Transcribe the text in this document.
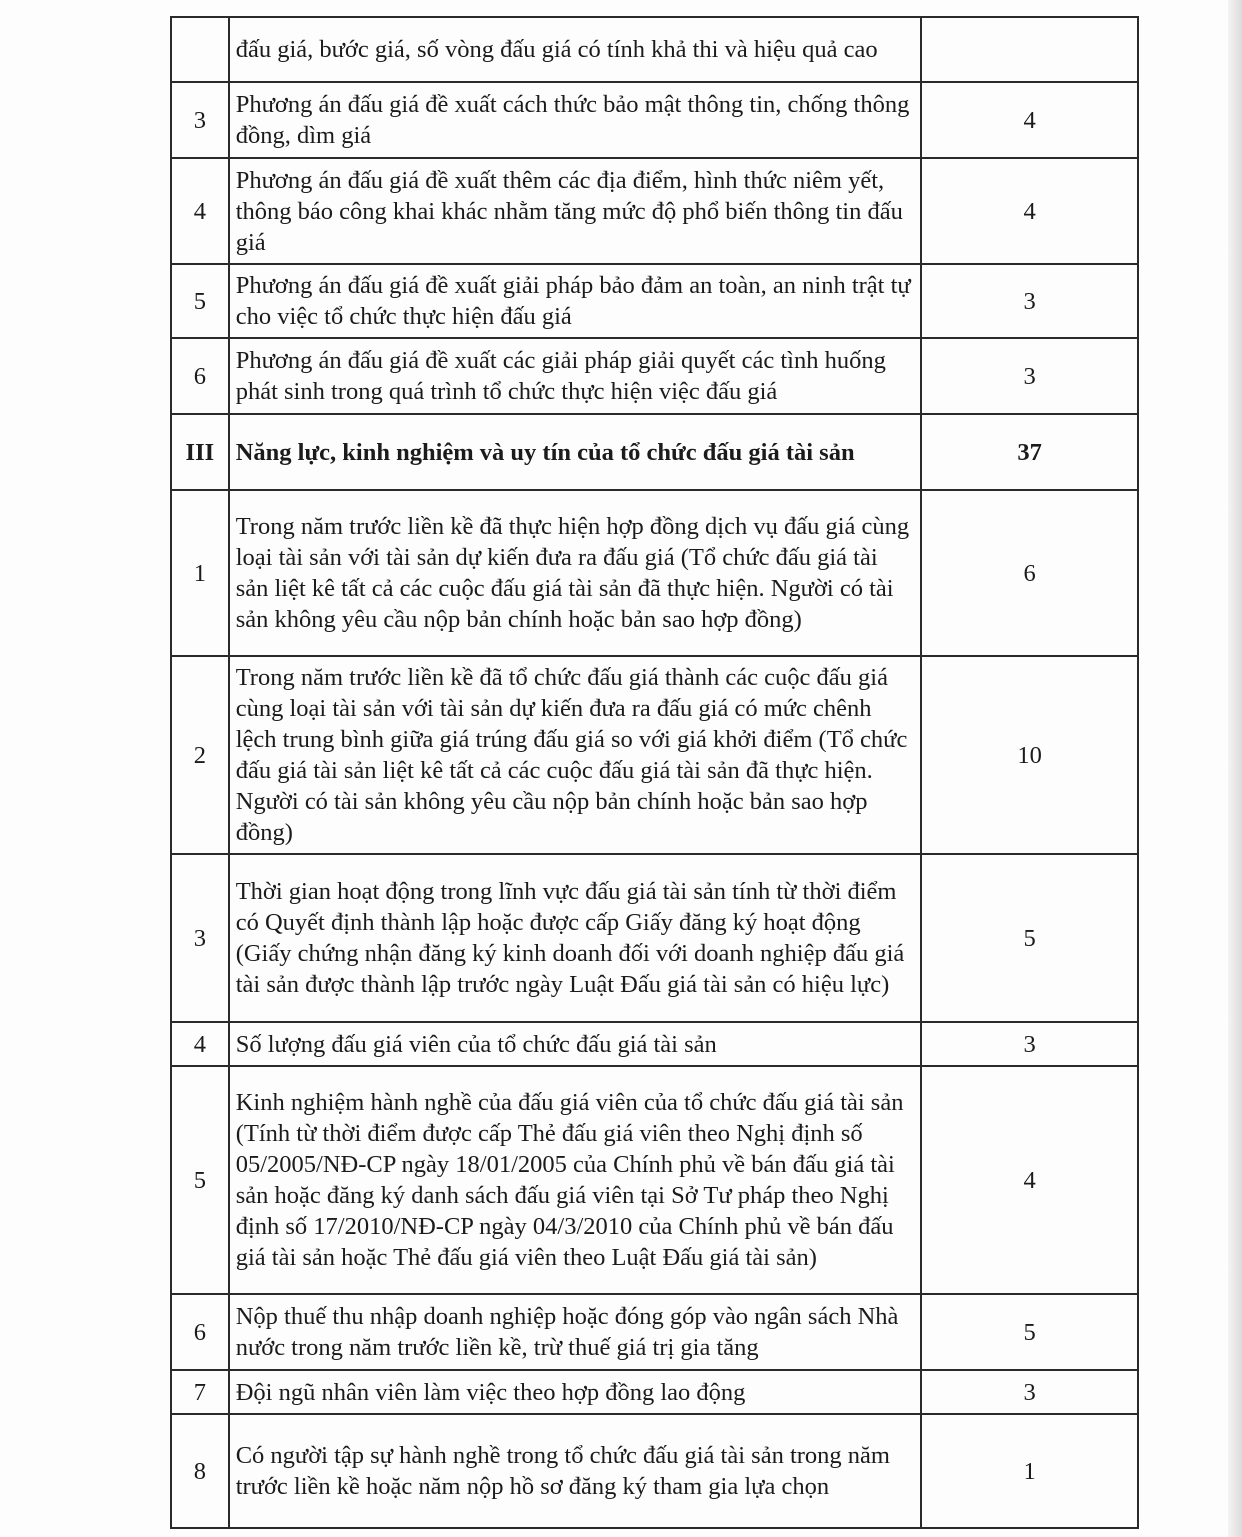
	đấu giá, bước giá, số vòng đấu giá có tính khả thi và hiệu quả cao	
3	Phương án đấu giá đề xuất cách thức bảo mật thông tin, chống thông đồng, dìm giá	4
4	Phương án đấu giá đề xuất thêm các địa điểm, hình thức niêm yết, thông báo công khai khác nhằm tăng mức độ phổ biến thông tin đấu giá	4
5	Phương án đấu giá đề xuất giải pháp bảo đảm an toàn, an ninh trật tự cho việc tổ chức thực hiện đấu giá	3
6	Phương án đấu giá đề xuất các giải pháp giải quyết các tình huống phát sinh trong quá trình tổ chức thực hiện việc đấu giá	3
III	Năng lực, kinh nghiệm và uy tín của tổ chức đấu giá tài sản	37
1	Trong năm trước liền kề đã thực hiện hợp đồng dịch vụ đấu giá cùng loại tài sản với tài sản dự kiến đưa ra đấu giá (Tổ chức đấu giá tài sản liệt kê tất cả các cuộc đấu giá tài sản đã thực hiện. Người có tài sản không yêu cầu nộp bản chính hoặc bản sao hợp đồng)	6
2	Trong năm trước liền kề đã tổ chức đấu giá thành các cuộc đấu giá cùng loại tài sản với tài sản dự kiến đưa ra đấu giá có mức chênh lệch trung bình giữa giá trúng đấu giá so với giá khởi điểm (Tổ chức đấu giá tài sản liệt kê tất cả các cuộc đấu giá tài sản đã thực hiện. Người có tài sản không yêu cầu nộp bản chính hoặc bản sao hợp đồng)	10
3	Thời gian hoạt động trong lĩnh vực đấu giá tài sản tính từ thời điểm có Quyết định thành lập hoặc được cấp Giấy đăng ký hoạt động (Giấy chứng nhận đăng ký kinh doanh đối với doanh nghiệp đấu giá tài sản được thành lập trước ngày Luật Đấu giá tài sản có hiệu lực)	5
4	Số lượng đấu giá viên của tổ chức đấu giá tài sản	3
5	Kinh nghiệm hành nghề của đấu giá viên của tổ chức đấu giá tài sản (Tính từ thời điểm được cấp Thẻ đấu giá viên theo Nghị định số 05/2005/NĐ-CP ngày 18/01/2005 của Chính phủ về bán đấu giá tài sản hoặc đăng ký danh sách đấu giá viên tại Sở Tư pháp theo Nghị định số 17/2010/NĐ-CP ngày 04/3/2010 của Chính phủ về bán đấu giá tài sản hoặc Thẻ đấu giá viên theo Luật Đấu giá tài sản)	4
6	Nộp thuế thu nhập doanh nghiệp hoặc đóng góp vào ngân sách Nhà nước trong năm trước liền kề, trừ thuế giá trị gia tăng	5
7	Đội ngũ nhân viên làm việc theo hợp đồng lao động	3
8	Có người tập sự hành nghề trong tổ chức đấu giá tài sản trong năm trước liền kề hoặc năm nộp hồ sơ đăng ký tham gia lựa chọn	1
